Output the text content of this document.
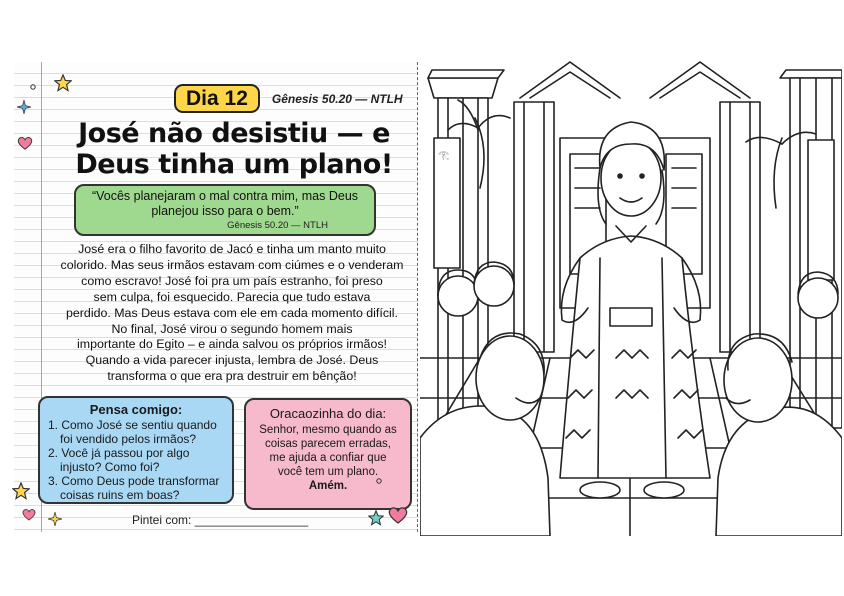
Dia 12	Gênesis 50.20 — NTLH
José não desistiu — e
Deus tinha um plano!
“Vocês planejaram o mal contra mim, mas Deus
planejou isso para o bem.”
Gênesis 50.20 — NTLH
José era o filho favorito de Jacó e tinha um manto muito
colorido. Mas seus irmãos estavam com ciúmes e o venderam
como escravo! José foi pra um país estranho, foi preso
sem culpa, foi esquecido. Parecia que tudo estava
perdido. Mas Deus estava com ele em cada momento difícil.
No final, José virou o segundo homem mais
importante do Egito – e ainda salvou os próprios irmãos!
Quando a vida parecer injusta, lembra de José. Deus
transforma o que era pra destruir em bênção!
Pensa comigo:
1. Como José se sentiu quando foi vendido pelos irmãos?
2. Você já passou por algo injusto? Como foi?
3. Como Deus pode transformar coisas ruins em boas?
Oracaozinha do dia:
Senhor, mesmo quando as
coisas parecem erradas,
me ajuda a confiar que
você tem um plano.
Amém.
Pintei com: _________________
𓂀
